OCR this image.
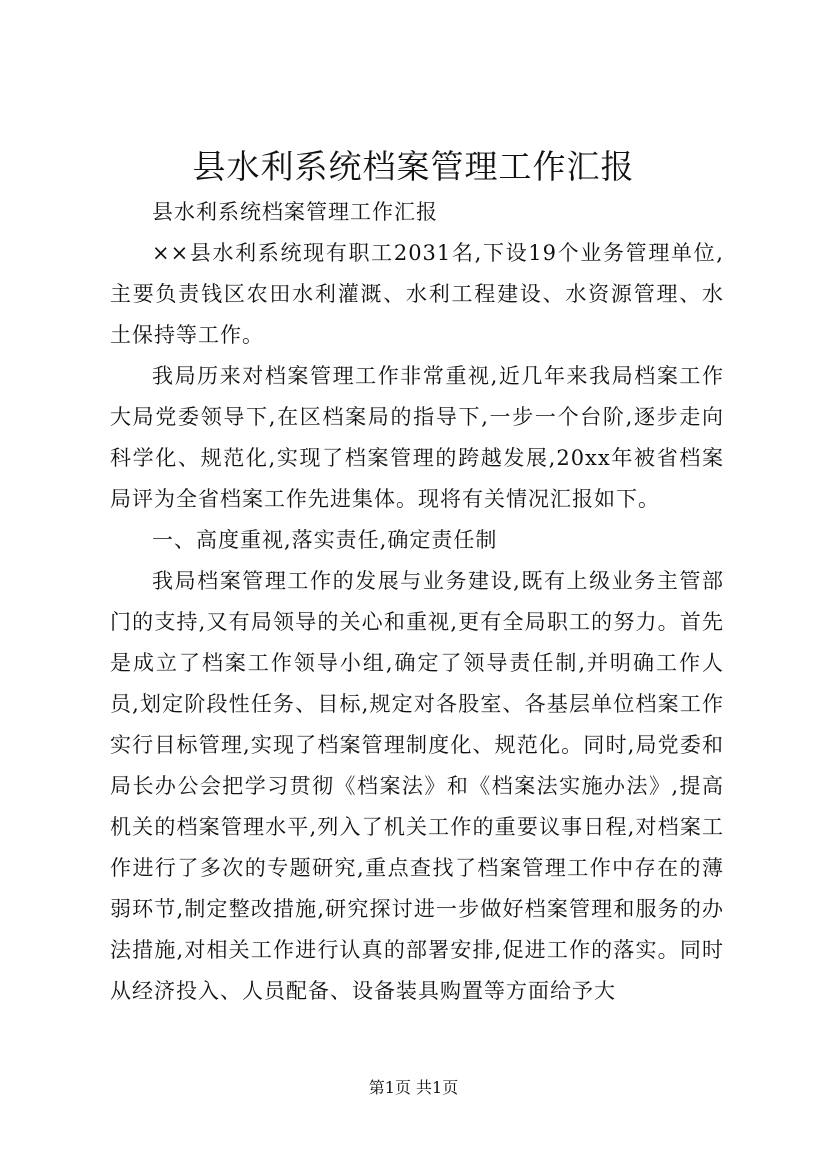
县水利系统档案管理工作汇报

县水利系统档案管理工作汇报

××县水利系统现有职工2031名,下设19个业务管理单位,主要负责钱区农田水利灌溉、水利工程建设、水资源管理、水土保持等工作。

我局历来对档案管理工作非常重视,近几年来我局档案工作大局党委领导下,在区档案局的指导下,一步一个台阶,逐步走向科学化、规范化,实现了档案管理的跨越发展,20xx年被省档案局评为全省档案工作先进集体。现将有关情况汇报如下。

一、高度重视,落实责任,确定责任制

我局档案管理工作的发展与业务建设,既有上级业务主管部门的支持,又有局领导的关心和重视,更有全局职工的努力。首先是成立了档案工作领导小组,确定了领导责任制,并明确工作人员,划定阶段性任务、目标,规定对各股室、各基层单位档案工作实行目标管理,实现了档案管理制度化、规范化。同时,局党委和局长办公会把学习贯彻《档案法》和《档案法实施办法》,提高机关的档案管理水平,列入了机关工作的重要议事日程,对档案工作进行了多次的专题研究,重点查找了档案管理工作中存在的薄弱环节,制定整改措施,研究探讨进一步做好档案管理和服务的办法措施,对相关工作进行认真的部署安排,促进工作的落实。同时从经济投入、人员配备、设备装具购置等方面给予大

第1页 共1页
